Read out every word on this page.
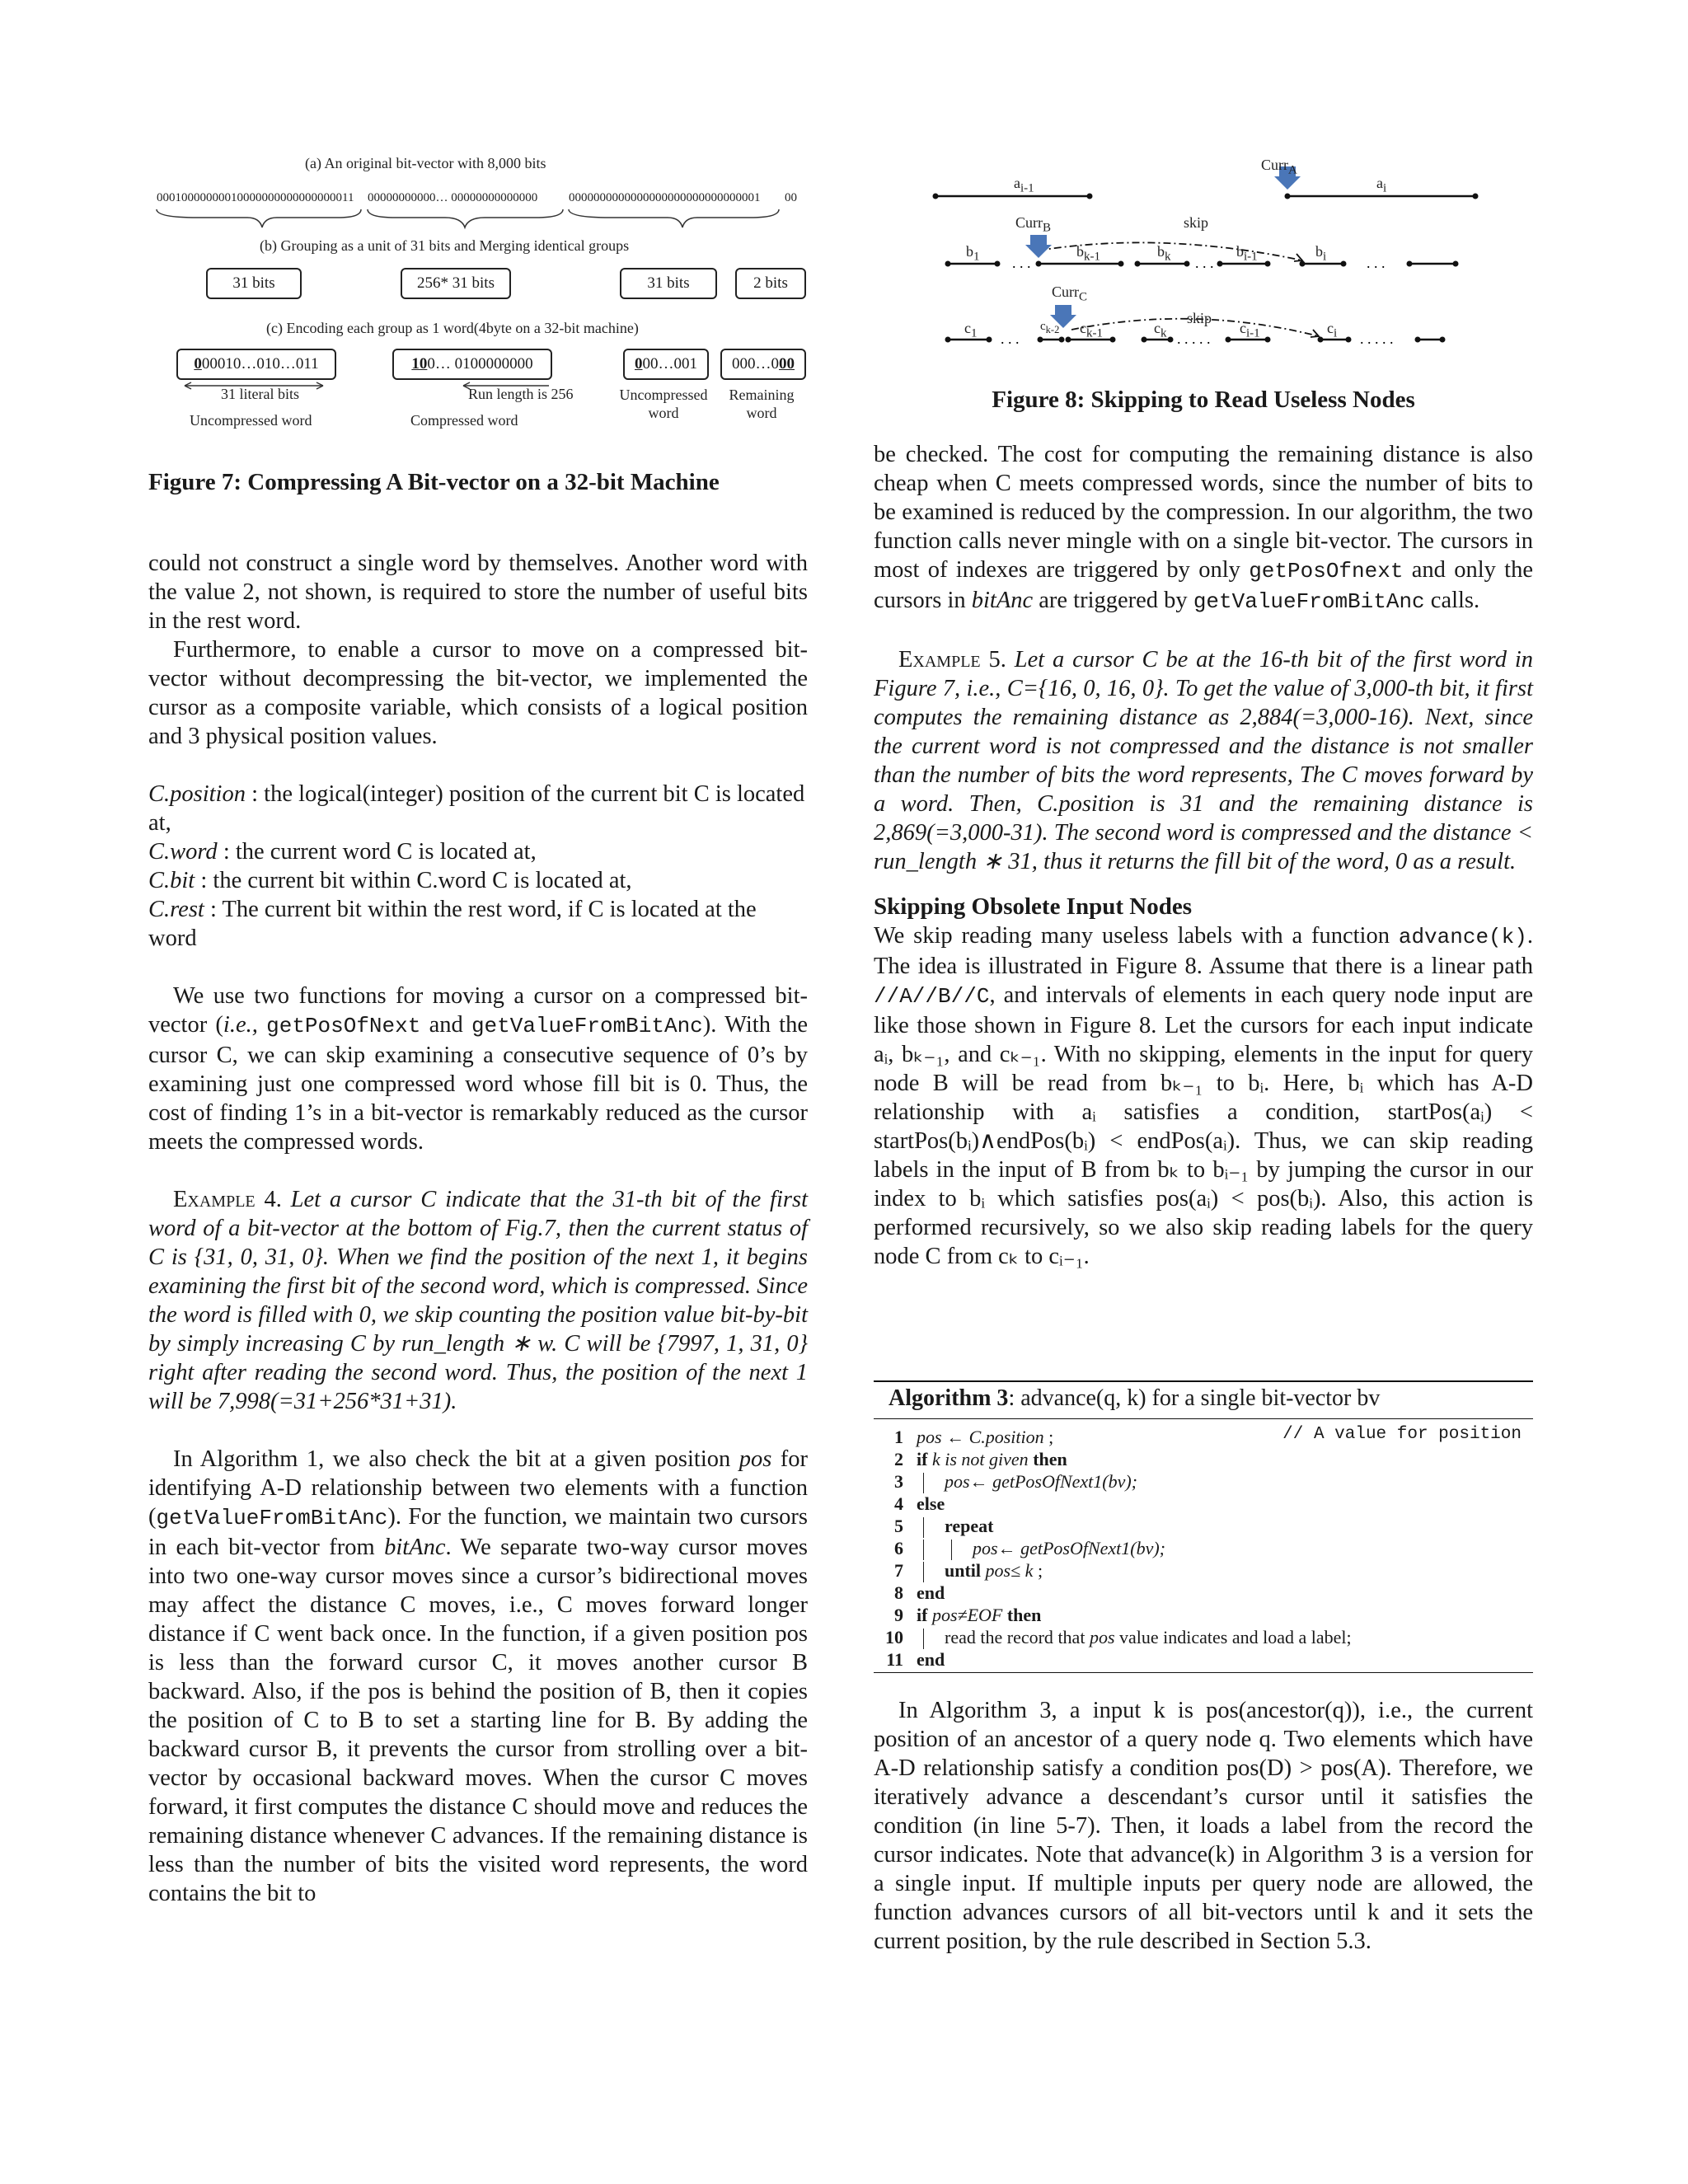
(a) An original bit-vector with 8,000 bits
00010000000010000000000000000011 00000000000… 00000000000000	0000000000000000000000000000001 00
(b) Grouping as a unit of 31 bits and Merging identical groups
31 bits	256* 31 bits	31 bits	2 bits
(c) Encoding each group as 1 word(4byte on a 32-bit machine)
000010…010…011	100… 0100000000	000…001	000…000
31 literal bits	Run length is 256	Uncompressed word
Remaining word
Uncompressed word	Compressed word
Figure 7: Compressing A Bit-vector on a 32-bit Machine
. . .	. . .	. . .
. . .	. . . . .	. . . . .
$a_{i-1}$
Curr$_A$
$a_i$
Curr$_B$	skip
$b_1$	$b_{k-1}$	$b_k$	$b_{i-1}$	$b_i$
Curr$_C$
skip
$c_1$
$c_{k-2}$ $c_{k-1}$	$c_k$	$c_{i-1}$	$c_i$
Figure 8: Skipping to Read Useless Nodes

could not construct a single word by themselves. Another word with the value 2, not shown, is required to store the number of useful bits in the rest word.

Furthermore, to enable a cursor to move on a compressed bit-vector without decompressing the bit-vector, we implemented the cursor as a composite variable, which consists of a logical position and 3 physical position values.

C.position : the logical(integer) position of the current bit C is located at,

C.word : the current word C is located at,

C.bit : the current bit within C.word C is located at,

C.rest : The current bit within the rest word, if C is located at the word

We use two functions for moving a cursor on a compressed bit-vector (i.e., getPosOfNext and getValueFromBitAnc). With the cursor C, we can skip examining a consecutive sequence of 0’s by examining just one compressed word whose fill bit is 0. Thus, the cost of finding 1’s in a bit-vector is remarkably reduced as the cursor meets the compressed words.

Example 4. Let a cursor C indicate that the 31-th bit of the first word of a bit-vector at the bottom of Fig.7, then the current status of C is {31, 0, 31, 0}. When we find the position of the next 1, it begins examining the first bit of the second word, which is compressed. Since the word is filled with 0, we skip counting the position value bit-by-bit by simply increasing C by run_length ∗ w. C will be {7997, 1, 31, 0} right after reading the second word. Thus, the position of the next 1 will be 7,998(=31+256*31+31).

In Algorithm 1, we also check the bit at a given position pos for identifying A-D relationship between two elements with a function (getValueFromBitAnc). For the function, we maintain two cursors in each bit-vector from bitAnc. We separate two-way cursor moves into two one-way cursor moves since a cursor’s bidirectional moves may affect the distance C moves, i.e., C moves forward longer distance if C went back once. In the function, if a given position pos is less than the forward cursor C, it moves another cursor B backward. Also, if the pos is behind the position of B, then it copies the position of C to B to set a starting line for B. By adding the backward cursor B, it prevents the cursor from strolling over a bit-vector by occasional backward moves. When the cursor C moves forward, it first computes the distance C should move and reduces the remaining distance whenever C advances. If the remaining distance is less than the number of bits the visited word represents, the word contains the bit to

be checked. The cost for computing the remaining distance is also cheap when C meets compressed words, since the number of bits to be examined is reduced by the compression. In our algorithm, the two function calls never mingle with on a single bit-vector. The cursors in most of indexes are triggered by only getPosOfnext and only the cursors in bitAnc are triggered by getValueFromBitAnc calls.

Example 5. Let a cursor C be at the 16-th bit of the first word in Figure 7, i.e., C={16, 0, 16, 0}. To get the value of 3,000-th bit, it first computes the remaining distance as 2,884(=3,000-16). Next, since the current word is not compressed and the distance is not smaller than the number of bits the word represents, The C moves forward by a word. Then, C.position is 31 and the remaining distance is 2,869(=3,000-31). The second word is compressed and the distance < run_length ∗ 31, thus it returns the fill bit of the word, 0 as a result.

Skipping Obsolete Input Nodes

We skip reading many useless labels with a function advance(k). The idea is illustrated in Figure 8. Assume that there is a linear path //A//B//C, and intervals of elements in each query node input are like those shown in Figure 8. Let the cursors for each input indicate aᵢ, bₖ₋₁, and cₖ₋₁. With no skipping, elements in the input for query node B will be read from bₖ₋₁ to bᵢ. Here, bᵢ which has A-D relationship with aᵢ satisfies a condition, startPos(aᵢ) < startPos(bᵢ)∧endPos(bᵢ) < endPos(aᵢ). Thus, we can skip reading labels in the input of B from bₖ to bᵢ₋₁ by jumping the cursor in our index to bᵢ which satisfies pos(aᵢ) < pos(bᵢ). Also, this action is performed recursively, so we also skip reading labels for the query node C from cₖ to cᵢ₋₁.

Algorithm 3: advance(q, k) for a single bit-vector bv
1 pos ← C.position ;
2 if k is not given then
3 pos← getPosOfNext1(bv);
4 else
5 repeat
6	pos← getPosOfNext1(bv);
7 until pos≤ k ;
8 end
9 if pos≠EOF then
10 read the record that pos value indicates and load a label;
11 end
// A value for position

In Algorithm 3, a input k is pos(ancestor(q)), i.e., the current position of an ancestor of a query node q. Two elements which have A-D relationship satisfy a condition pos(D) > pos(A). Therefore, we iteratively advance a descendant’s cursor until it satisfies the condition (in line 5-7). Then, it loads a label from the record the cursor indicates. Note that advance(k) in Algorithm 3 is a version for a single input. If multiple inputs per query node are allowed, the function advances cursors of all bit-vectors until k and it sets the current position, by the rule described in Section 5.3.
